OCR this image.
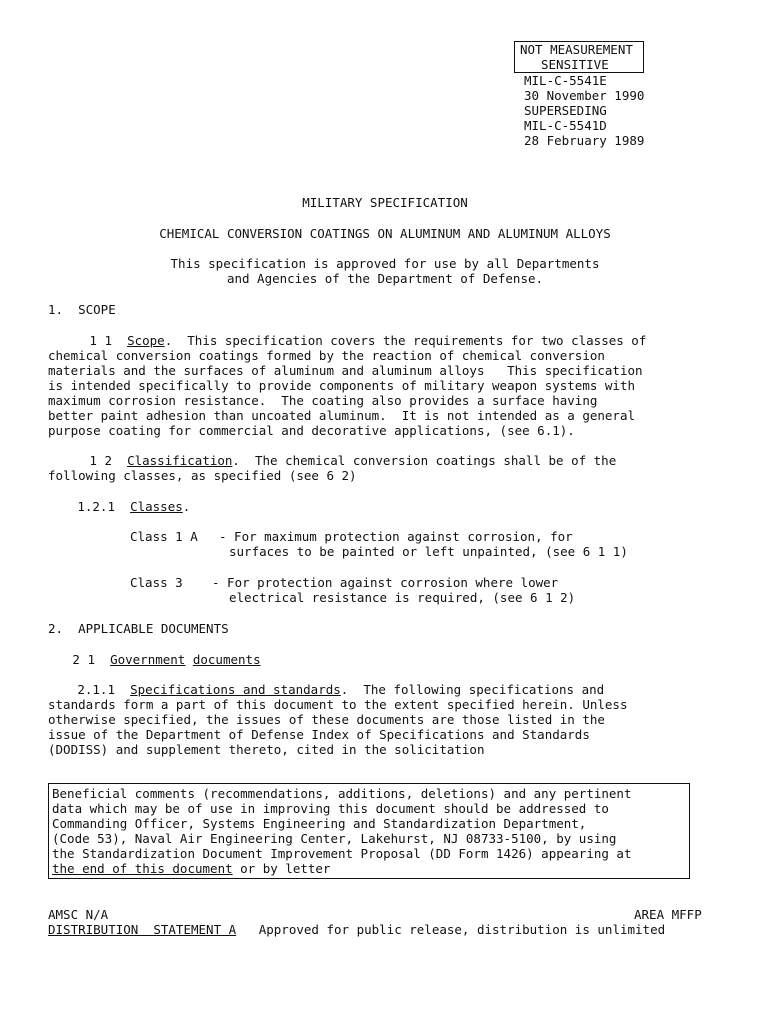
NOT MEASUREMENT
SENSITIVE
MIL-C-5541E
30 November 1990
SUPERSEDING
MIL-C-5541D
28 February 1989
MILITARY SPECIFICATION
CHEMICAL CONVERSION COATINGS ON ALUMINUM AND ALUMINUM ALLOYS
This specification is approved for use by all Departments
and Agencies of the Department of Defense.
1.  SCOPE
1 1 Scope.  This specification covers the requirements for two classes of
chemical conversion coatings formed by the reaction of chemical conversion
materials and the surfaces of aluminum and aluminum alloys   This specification
is intended specifically to provide components of military weapon systems with
maximum corrosion resistance.  The coating also provides a surface having
better paint adhesion than uncoated aluminum.  It is not intended as a general
purpose coating for commercial and decorative applications, (see 6.1).
1 2 Classification.  The chemical conversion coatings shall be of the
following classes, as specified (see 6 2)
1.2.1 Classes.
Class 1 A - For maximum protection against corrosion, for
surfaces to be painted or left unpainted, (see 6 1 1)
Class 3 - For protection against corrosion where lower
electrical resistance is required, (see 6 1 2)
2.  APPLICABLE DOCUMENTS
2 1 Government documents
2.1.1 Specifications and standards.  The following specifications and
standards form a part of this document to the extent specified herein. Unless
otherwise specified, the issues of these documents are those listed in the
issue of the Department of Defense Index of Specifications and Standards
(DODISS) and supplement thereto, cited in the solicitation
Beneficial comments (recommendations, additions, deletions) and any pertinent
data which may be of use in improving this document should be addressed to
Commanding Officer, Systems Engineering and Standardization Department,
(Code 53), Naval Air Engineering Center, Lakehurst, NJ 08733-5100, by using
the Standardization Document Improvement Proposal (DD Form 1426) appearing at
the end of this document or by letter
AMSC N/A	AREA MFFP
DISTRIBUTION  STATEMENT A Approved for public release, distribution is unlimited
